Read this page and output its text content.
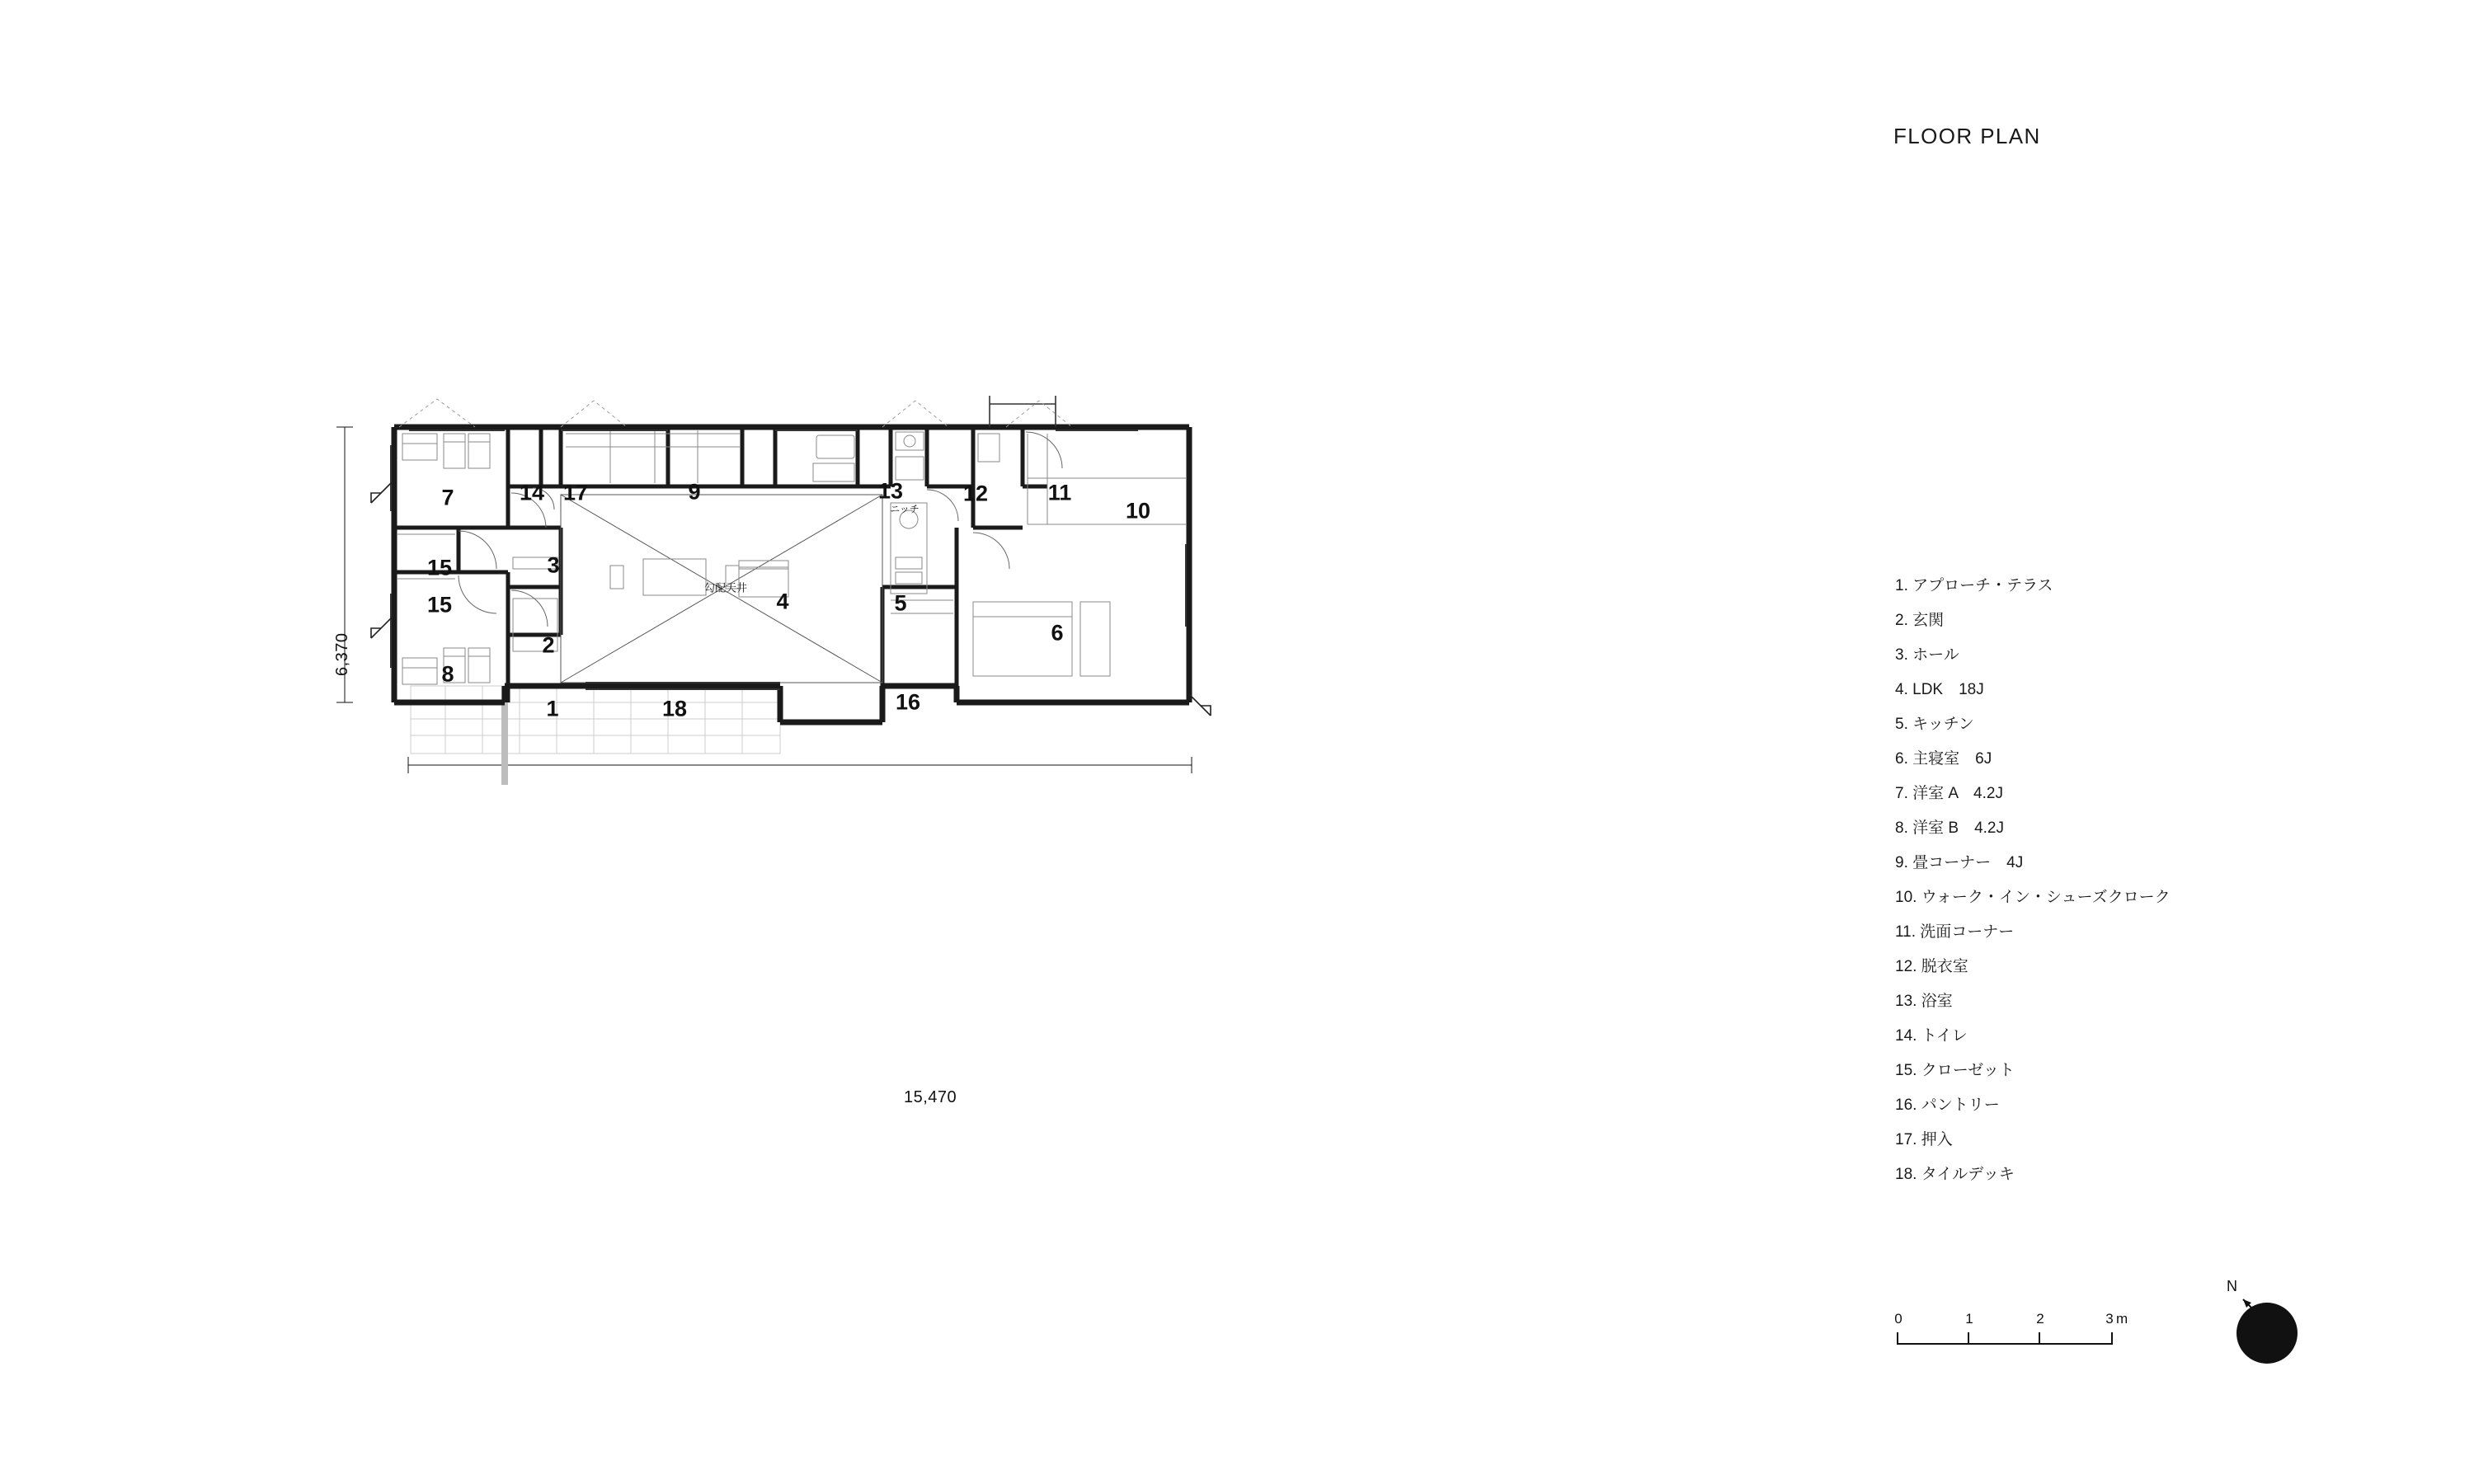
FLOOR PLAN
ニッチ
勾配天井
6,370
15,470
7
15
15
8
14 17	9	13	12	11
10
3
2
4	5
6
1	18	16
1. アプローチ・テラス
2. 玄関
3. ホール
4. LDK　18J
5. キッチン
6. 主寝室　6J
7. 洋室 A　4.2J
8. 洋室 B　4.2J
9. 畳コーナー　4J
10. ウォーク・イン・シューズクローク
11. 洗面コーナー
12. 脱衣室
13. 浴室
14. トイレ
15. クローゼット
16. パントリー
17. 押入
18. タイルデッキ
0	1	2	3 m
N
